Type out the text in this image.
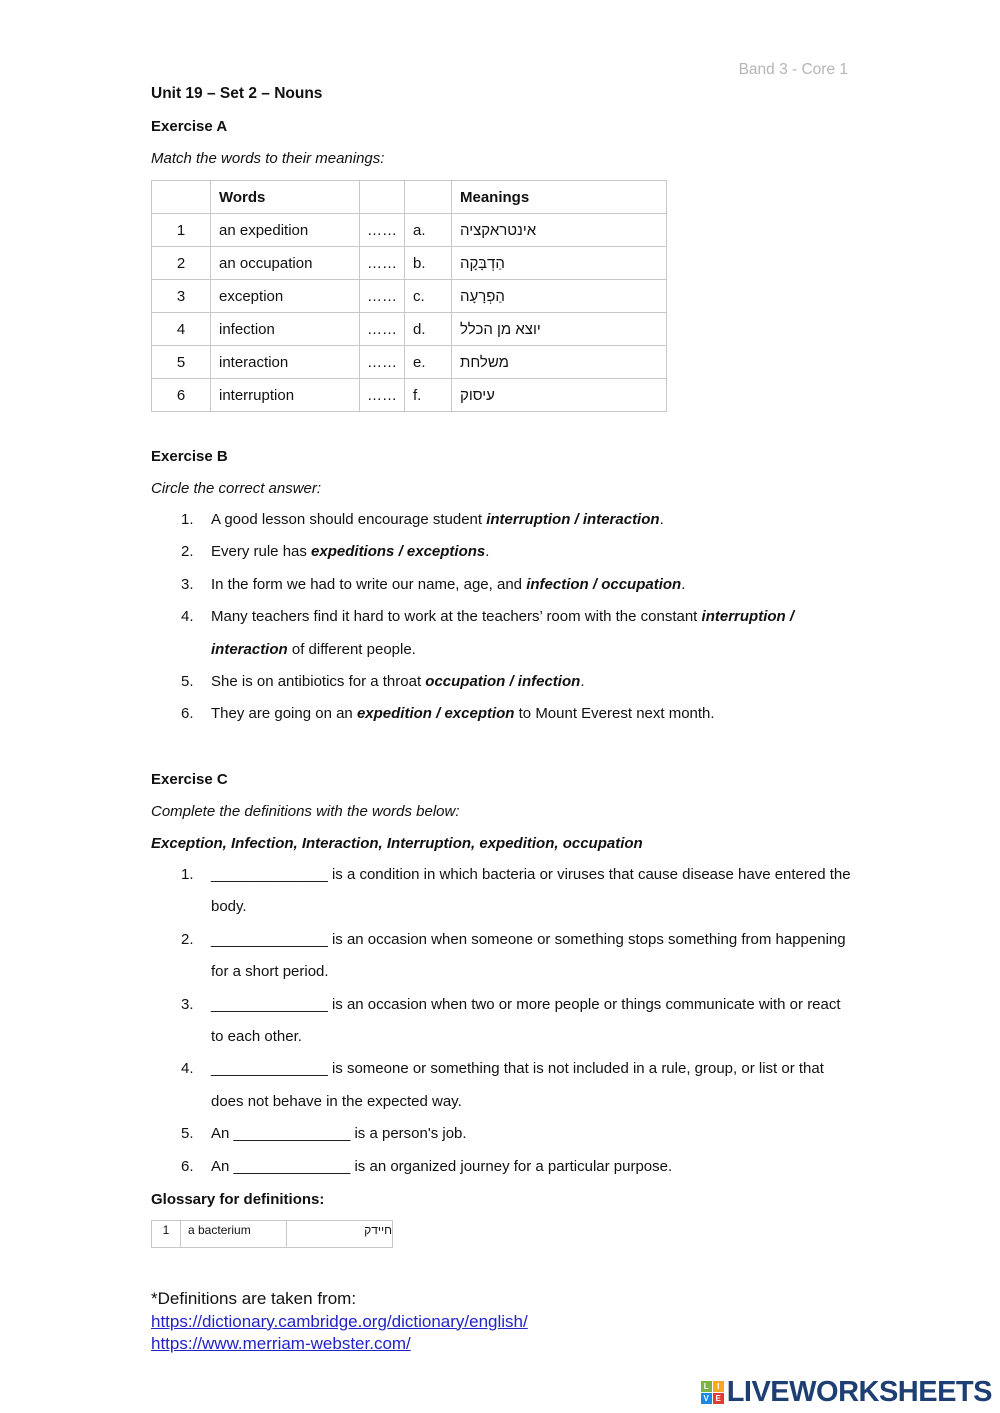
Band 3 - Core 1
Unit 19 – Set 2 – Nouns
Exercise A
Match the words to their meanings:
	Words			Meanings
1	an expedition	……	a.	אינטראקציה
2	an occupation	……	b.	הַדְבָּקָה
3	exception	……	c.	הַפְרָעָה
4	infection	……	d.	יוצא מן הכלל
5	interaction	……	e.	משלחת
6	interruption	……	f.	עיסוק
Exercise B
Circle the correct answer:
1. A good lesson should encourage student interruption / interaction.
2. Every rule has expeditions / exceptions.
3. In the form we had to write our name, age, and infection / occupation.
4. Many teachers find it hard to work at the teachers’ room with the constant interruption / interaction of different people.
5. She is on antibiotics for a throat occupation / infection.
6. They are going on an expedition / exception to Mount Everest next month.
Exercise C
Complete the definitions with the words below:
Exception, Infection, Interaction, Interruption, expedition, occupation
1. ______________ is a condition in which bacteria or viruses that cause disease have entered the body.
2. ______________ is an occasion when someone or something stops something from happening for a short period.
3. ______________ is an occasion when two or more people or things communicate with or react to each other.
4. ______________ is someone or something that is not included in a rule, group, or list or that does not behave in the expected way.
5. An ______________ is a person's job.
6. An ______________ is an organized journey for a particular purpose.
Glossary for definitions:
1	a bacterium	חיידק
*Definitions are taken from:
https://dictionary.cambridge.org/dictionary/english/
https://www.merriam-webster.com/
L	I
V E LIVEWORKSHEETS
